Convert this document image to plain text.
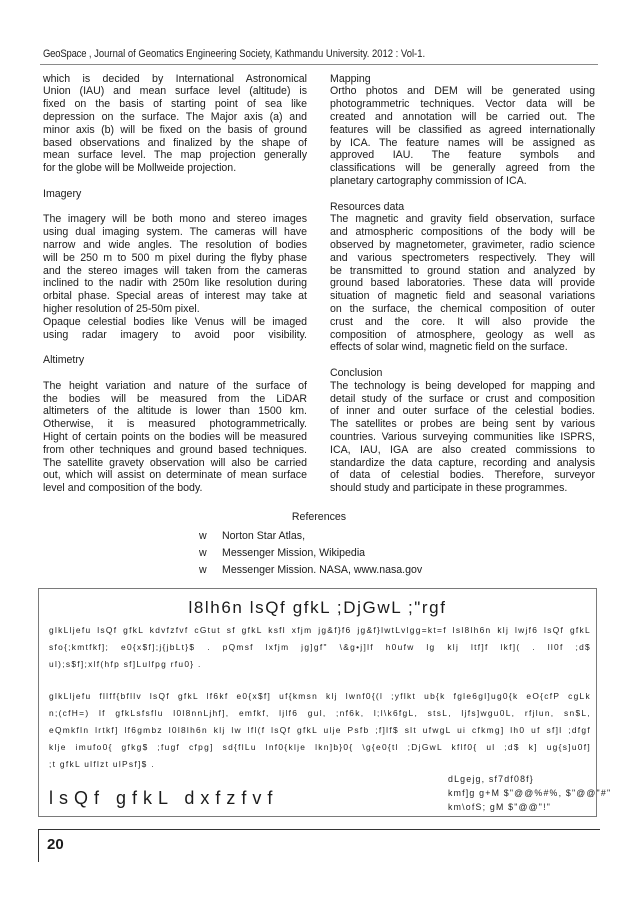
GeoSpace , Journal of Geomatics Engineering Society, Kathmandu University. 2012 : Vol-1.
which is decided by International Astronomical
Union (IAU) and mean surface level (altitude) is
fixed on the basis of starting point of sea like
depression on the surface. The Major axis (a) and
minor axis (b) will be fixed on the basis of ground
based observations and finalized by the shape of
mean surface level. The map projection generally
for the globe will be Mollweide projection.
Imagery
The imagery will be both mono and stereo images
using dual imaging system. The cameras will have
narrow and wide angles. The resolution of bodies
will be 250 m to 500 m pixel during the flyby phase
and the stereo images will taken from the cameras
inclined to the nadir with 250m like resolution during
orbital phase. Special areas of interest may take at
higher resolution of 25-50m pixel.
Opaque celestial bodies like Venus will be imaged
using radar imagery to avoid poor visibility.
Altimetry
The height variation and nature of the surface of
the bodies will be measured from the LiDAR
altimeters of the altitude is lower than 1500 km.
Otherwise, it is measured photogrammetrically.
Hight of certain points on the bodies will be measured
from other techniques and ground based techniques.
The satellite gravety observation will also be carried
out, which will assist on determinate of mean surface
level and composition of the body.
Mapping
Ortho photos and DEM will be generated using
photogrammetric techniques. Vector data will be
created and annotation will be carried out. The
features will be classified as agreed internationally
by ICA. The feature names will be assigned as
approved IAU. The feature symbols and
classifications will be generally agreed from the
planetary cartography commission of ICA.
Resources data
The magnetic and gravity field observation, surface
and atmospheric compositions of the body will be
observed by magnetometer, gravimeter, radio science
and various spectrometers respectively. They will
be transmitted to ground station and analyzed by
ground based laboratories. These data will provide
situation of magnetic field and seasonal variations
on the surface, the chemical composition of outer
crust and the core. It will also provide the
composition of atmosphere, geology as well as
effects of solar wind, magnetic field on the surface.
Conclusion
The technology is being developed for mapping and
detail study of the surface or crust and composition
of inner and outer surface of the celestial bodies.
The satellites or probes are being sent by various
countries. Various surveying communities like ISPRS,
ICA, IAU, IGA are also created commissions to
standardize the data capture, recording and analysis
of data of celestial bodies. Therefore, surveyor
should study and participate in these programmes.
References
w Norton Star Atlas,
w Messenger Mission, Wikipedia
w Messenger Mission. NASA, www.nasa.gov
l8lh6n lsQf gfkL ;DjGwL ;"rgf
glkLljefu lsQf gfkL kdvfzfvf cGtut sf gfkL ksfl xfjm jg&f}f6 jg&f}lwtLvlgg=kt=f lsl8lh6n klj lwjf6 lsQf gfkL
sfo{;kmtfkf]; e0{x$f];j{jbLt}$ . pQmsf lxfjm jg]gf" \&g•j]lf h0ufw lg klj ltf]f lkf]( . ll0f ;d$
ul);s$f];xlf(hfp sf]Lulfpg rfu0} .
glkLljefu fllff{bfllv lsQf gfkL lf6kf e0{x$f] uf{kmsn klj lwnf0{(l ;yflkt ub{k fgle6gl]ug0{k eO{cfP cgLk
n;(cfH=) lf gfkLsfsflu l0l8nnLjhf], emfkf, ljlf6 gul, ;nf6k, l;l\k6fgL, stsL, ljfs]wgu0L, rfjlun, sn$L,
eQmkfln lrtkf] lf6gmbz l0l8lh6n klj lw lfl(f lsQf gfkL ulje Psfb ;f]lf$ slt ufwgL ui cfkmg] lh0 uf sf]l ;dfgf
klje imufo0{ gfkg$ ;fugf cfpg] sd{flLu lnf0{klje lkn]b}0{ \g{e0{tl ;DjGwL kflf0{ ul ;d$ k] ug{s]u0f]
;t gfkL ulflzt ulPsf]$ .
lsQf gfkL dxfzfvf
dLgejg, sf7df08f}
kmf]g g+M $"@@%#%, $"@@"#"
km\ofS; gM $"@@"!"
20
